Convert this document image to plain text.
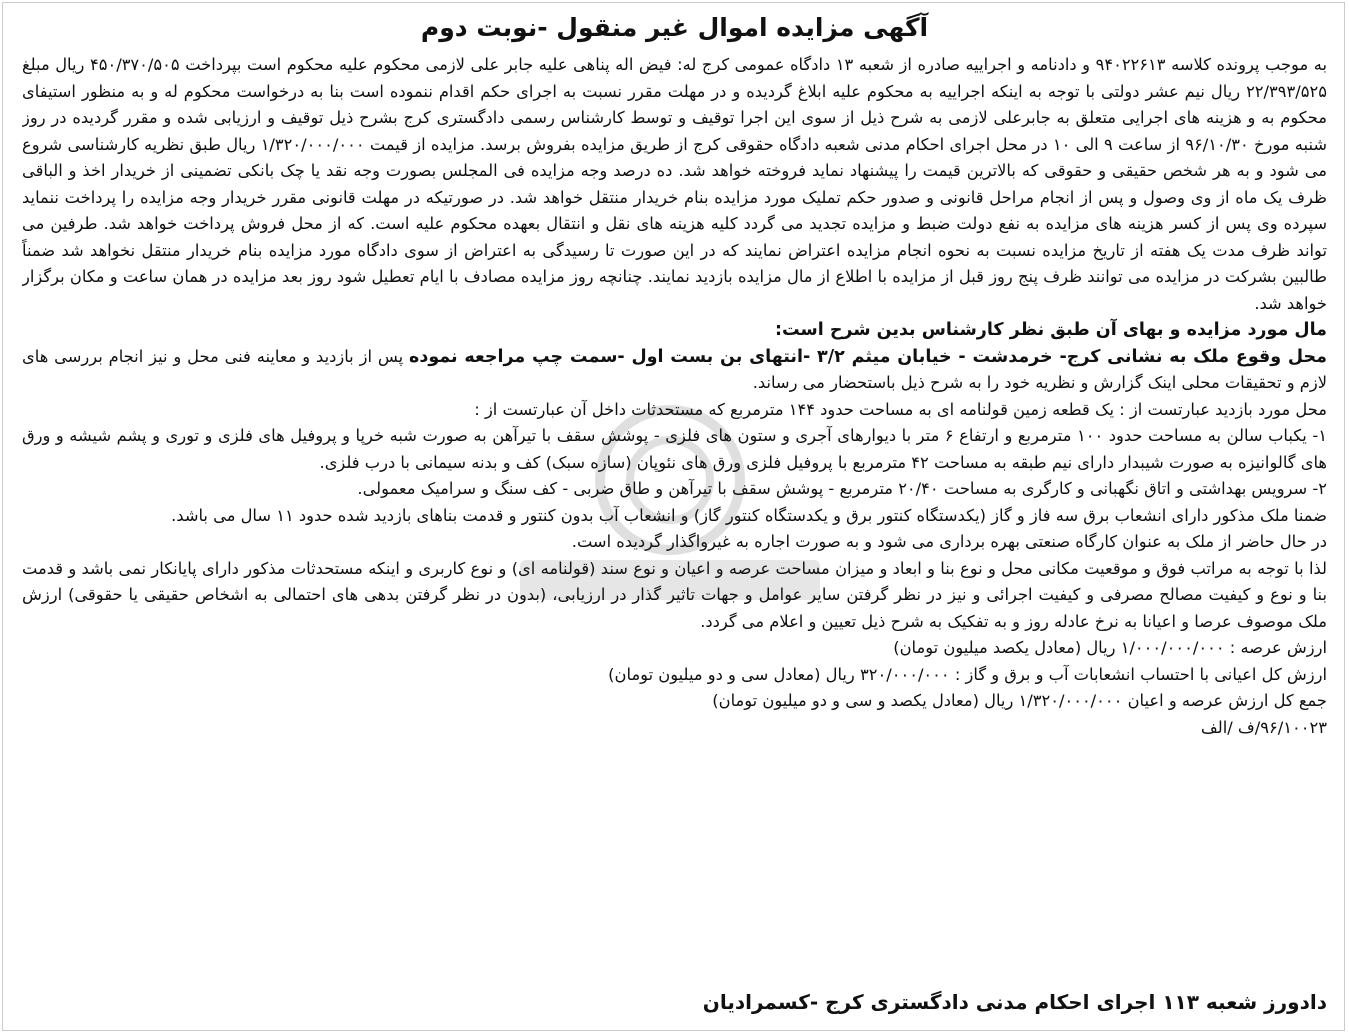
آگهی مزایده اموال غیر منقول -نوبت دوم

به موجب پرونده کلاسه ۹۴۰۲۲۶۱۳ و دادنامه و اجراییه صادره از شعبه ۱۳ دادگاه عمومی کرج له: فیض اله پناهی علیه جابر علی لازمی محکوم علیه محکوم است بپرداخت ۴۵۰/۳۷۰/۵۰۵ ریال مبلغ ۲۲/۳۹۳/۵۲۵ ریال نیم عشر دولتی با توجه به اینکه اجراییه به محکوم علیه ابلاغ گردیده و در مهلت مقرر نسبت به اجرای حکم اقدام ننموده است بنا به درخواست محکوم له و به منظور استیفای محکوم به و هزینه های اجرایی متعلق به جابرعلی لازمی به شرح ذیل از سوی این اجرا توقیف و توسط کارشناس رسمی دادگستری کرج بشرح ذیل توقیف و ارزیابی شده و مقرر گردیده در روز شنبه مورخ ۹۶/۱۰/۳۰ از ساعت ۹ الی ۱۰ در محل اجرای احکام مدنی شعبه دادگاه حقوقی کرج از طریق مزایده بفروش برسد. مزایده از قیمت ۱/۳۲۰/۰۰۰/۰۰۰ ریال طبق نظریه کارشناسی شروع می شود و به هر شخص حقیقی و حقوقی که بالاترین قیمت را پیشنهاد نماید فروخته خواهد شد. ده درصد وجه مزایده فی المجلس بصورت وجه نقد یا چک بانکی تضمینی از خریدار اخذ و الباقی ظرف یک ماه از وی وصول و پس از انجام مراحل قانونی و صدور حکم تملیک مورد مزایده بنام خریدار منتقل خواهد شد. در صورتیکه در مهلت قانونی مقرر خریدار وجه مزایده را پرداخت ننماید سپرده وی پس از کسر هزینه های مزایده به نفع دولت ضبط و مزایده تجدید می گردد کلیه هزینه های نقل و انتقال بعهده محکوم علیه است. که از محل فروش پرداخت خواهد شد. طرفین می تواند ظرف مدت یک هفته از تاریخ مزایده نسبت به نحوه انجام مزایده اعتراض نمایند که در این صورت تا رسیدگی به اعتراض از سوی دادگاه مورد مزایده بنام خریدار منتقل نخواهد شد ضمناً طالبین بشرکت در مزایده می توانند ظرف پنج روز قبل از مزایده با اطلاع از مال مزایده بازدید نمایند. چنانچه روز مزایده مصادف با ایام تعطیل شود روز بعد مزایده در همان ساعت و مکان برگزار خواهد شد.

مال مورد مزایده و بهای آن طبق نظر کارشناس بدین شرح است:

محل وقوع ملک به نشانی کرج- خرمدشت - خیابان میثم ۳/۲ -انتهای بن بست اول -سمت چپ مراجعه نموده پس از بازدید و معاینه فنی محل و نیز انجام بررسی های لازم و تحقیقات محلی اینک گزارش و نظریه خود را به شرح ذیل باستحضار می رساند.

محل مورد بازدید عبارتست از : یک قطعه زمین قولنامه ای به مساحت حدود ۱۴۴ مترمربع که مستحدثات داخل آن عبارتست از :

۱- یکباب سالن به مساحت حدود ۱۰۰ مترمربع و ارتفاع ۶ متر با دیوارهای آجری و ستون های فلزی - پوشش سقف با تیرآهن به صورت شبه خرپا و پروفیل های فلزی و توری و پشم شیشه و ورق های گالوانیزه به صورت شیبدار دارای نیم طبقه به مساحت ۴۲ مترمربع با پروفیل فلزی ورق های نئوپان (سازه سبک) کف و بدنه سیمانی با درب فلزی.

۲- سرویس بهداشتی و اتاق نگهبانی و کارگری به مساحت ۲۰/۴۰ مترمربع - پوشش سقف با تیرآهن و طاق ضربی - کف سنگ و سرامیک معمولی.

ضمنا ملک مذکور دارای انشعاب برق سه فاز و گاز (یکدستگاه کنتور برق و یکدستگاه کنتور گاز) و انشعاب آب بدون کنتور و قدمت بناهای بازدید شده حدود ۱۱ سال می باشد.

در حال حاضر از ملک به عنوان کارگاه صنعتی بهره برداری می شود و به صورت اجاره به غیرواگذار گردیده است.

لذا با توجه به مراتب فوق و موقعیت مکانی محل و نوع بنا و ابعاد و میزان مساحت عرصه و اعیان و نوع سند (قولنامه ای) و نوع کاربری و اینکه مستحدثات مذکور دارای پایانکار نمی باشد و قدمت بنا و نوع و کیفیت مصالح مصرفی و کیفیت اجرائی و نیز در نظر گرفتن سایر عوامل و جهات تاثیر گذار در ارزیابی، (بدون در نظر گرفتن بدهی های احتمالی به اشخاص حقیقی یا حقوقی) ارزش ملک موصوف عرصا و اعیانا به نرخ عادله روز و به تفکیک به شرح ذیل تعیین و اعلام می گردد.

ارزش عرصه : ۱/۰۰۰/۰۰۰/۰۰۰ ریال (معادل یکصد میلیون تومان)

ارزش کل اعیانی با احتساب انشعابات آب و برق و گاز : ۳۲۰/۰۰۰/۰۰۰ ریال (معادل سی و دو میلیون تومان)

جمع کل ارزش عرصه و اعیان ۱/۳۲۰/۰۰۰/۰۰۰ ریال (معادل یکصد و سی و دو میلیون تومان)

۹۶/۱۰۰۲۳/ف /الف

دادورز شعبه ۱۱۳ اجرای احکام مدنی دادگستری کرج -کسمرادیان
